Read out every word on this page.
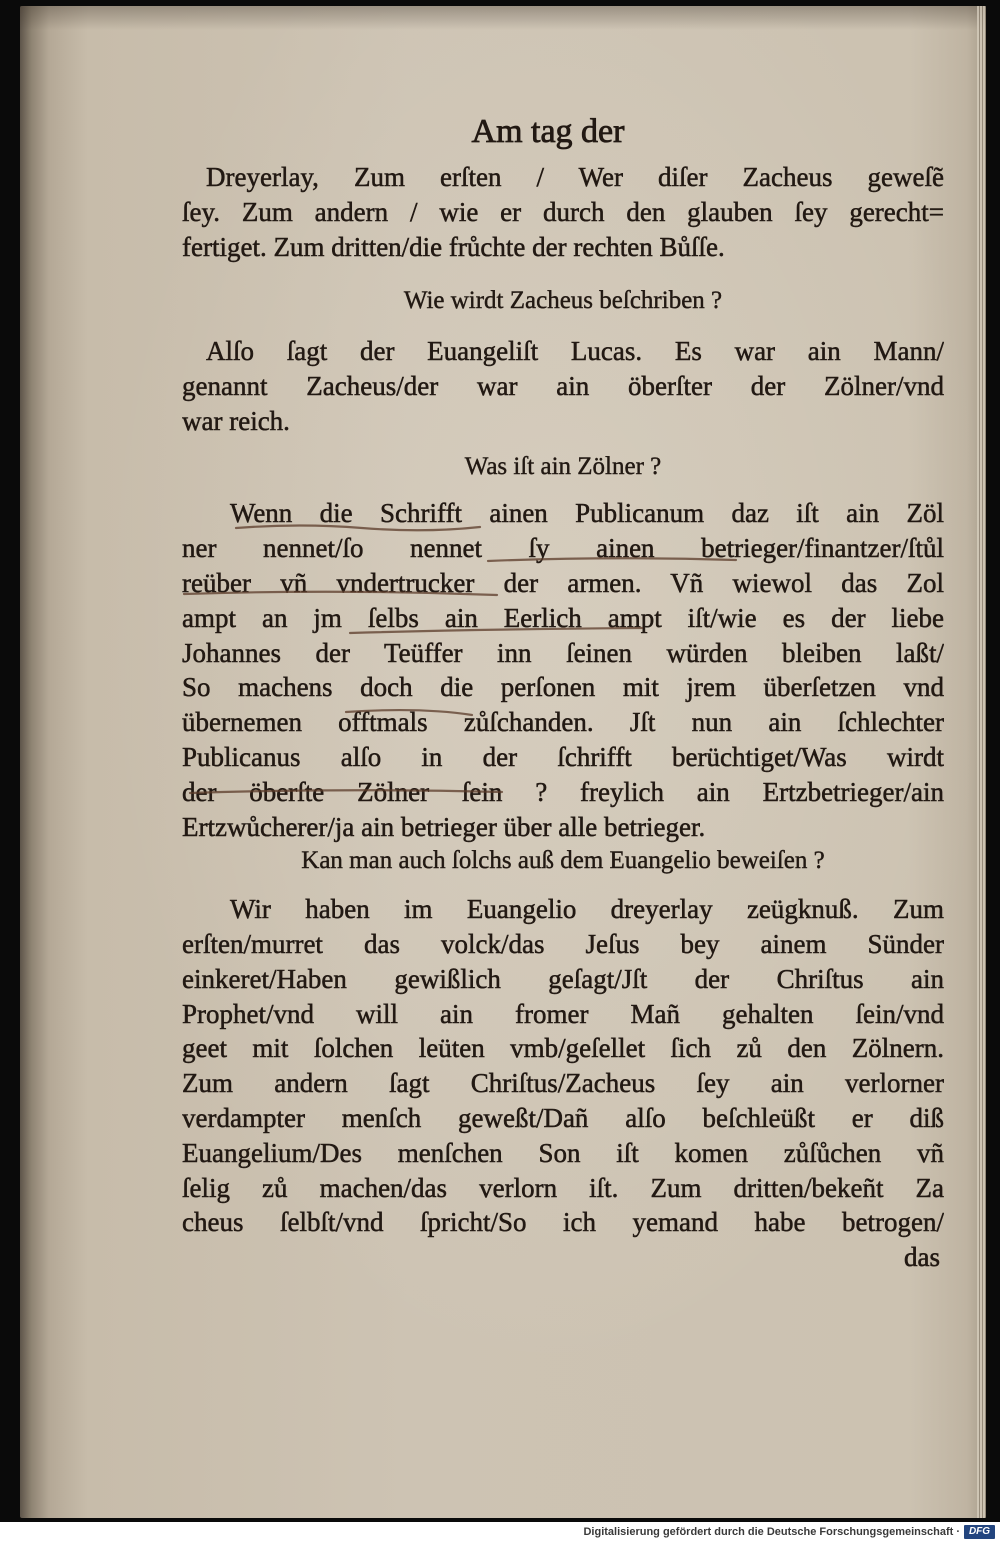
Am tag der
Dreyerlay, Zum erſten / Wer diſer Zacheus geweſẽ
ſey. Zum andern / wie er durch den glauben ſey gerecht=
fertiget. Zum dritten/die frůchte der rechten Bůſſe.
Wie wirdt Zacheus beſchriben ?
Alſo ſagt der Euangeliſt Lucas. Es war ain Mann/
genannt Zacheus/der war ain öberſter der Zölner/vnd
war reich.
Was iſt ain Zölner ?
Wenn die Schrifft ainen Publicanum daz iſt ain Zöl
ner nennet/ſo nennet ſy ainen betrieger/finantzer/ſtůl
reüber vñ vndertrucker der armen. Vñ wiewol das Zol
ampt an jm ſelbs ain Eerlich ampt iſt/wie es der liebe
Johannes der Teüffer inn ſeinen würden bleiben laßt/
So machens doch die perſonen mit jrem überſetzen vnd
übernemen offtmals zůſchanden. Jſt nun ain ſchlechter
Publicanus alſo in der ſchrifft berüchtiget/Was wirdt
der öberſte Zölner ſein ? freylich ain Ertzbetrieger/ain
Ertzwůcherer/ja ain betrieger über alle betrieger.
Kan man auch ſolchs auß dem Euangelio beweiſen ?
Wir haben im Euangelio dreyerlay zeügknuß. Zum
erſten/murret das volck/das Jeſus bey ainem Sünder
einkeret/Haben gewißlich geſagt/Jſt der Chriſtus ain
Prophet/vnd will ain fromer Mañ gehalten ſein/vnd
geet mit ſolchen leüten vmb/geſellet ſich zů den Zölnern.
Zum andern ſagt Chriſtus/Zacheus ſey ain verlorner
verdampter menſch geweßt/Dañ alſo beſchleüßt er diß
Euangelium/Des menſchen Son iſt komen zůſůchen vñ
ſelig zů machen/das verlorn iſt. Zum dritten/bekeñt Za
cheus ſelbſt/vnd ſpricht/So ich yemand habe betrogen/
das
Digitalisierung gefördert durch die Deutsche Forschungsgemeinschaft · DFG
